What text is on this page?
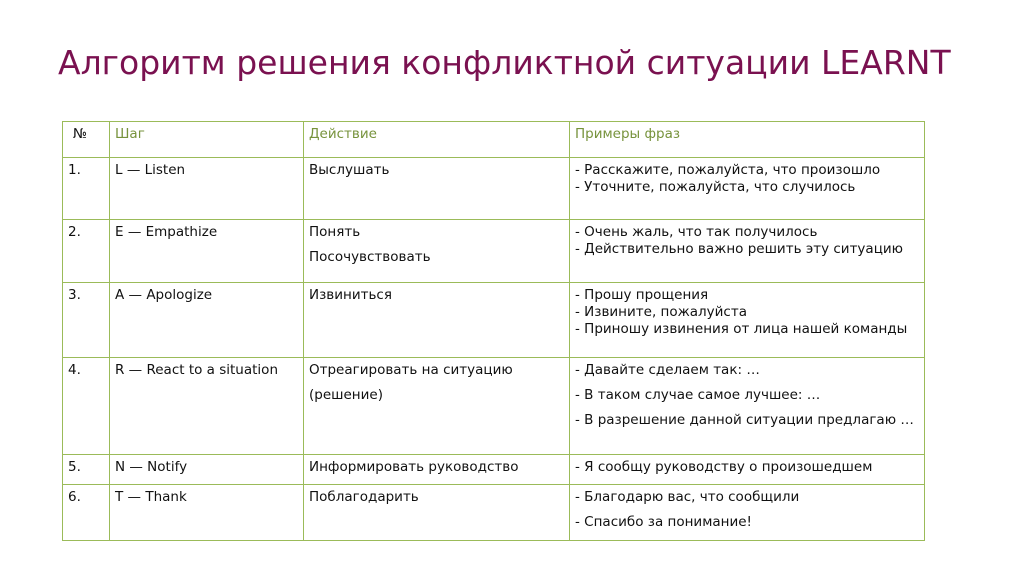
Алгоритм решения конфликтной ситуации LEARNT
№	Шаг	Действие	Примеры фраз
1.	L — Listen	Выслушать	- Расскажите, пожалуйста, что произошло
- Уточните, пожалуйста, что случилось

2.	E — Empathize	Понять
Посочувствовать	- Очень жаль, что так получилось
- Действительно важно решить эту ситуацию

3.	A — Apologize	Извиниться	- Прошу прощения
- Извините, пожалуйста
- Приношу извинения от лица нашей команды

4.	R — React to a situation	Отреагировать на ситуацию
(решение)	- Давайте сделаем так: …
- В таком случае самое лучшее: …
- В разрешение данной ситуации предлагаю …

5.	N — Notify	Информировать руководство	- Я сообщу руководству о произошедшем

6.	T — Thank	Поблагодарить	- Благодарю вас, что сообщили
- Спасибо за понимание!
